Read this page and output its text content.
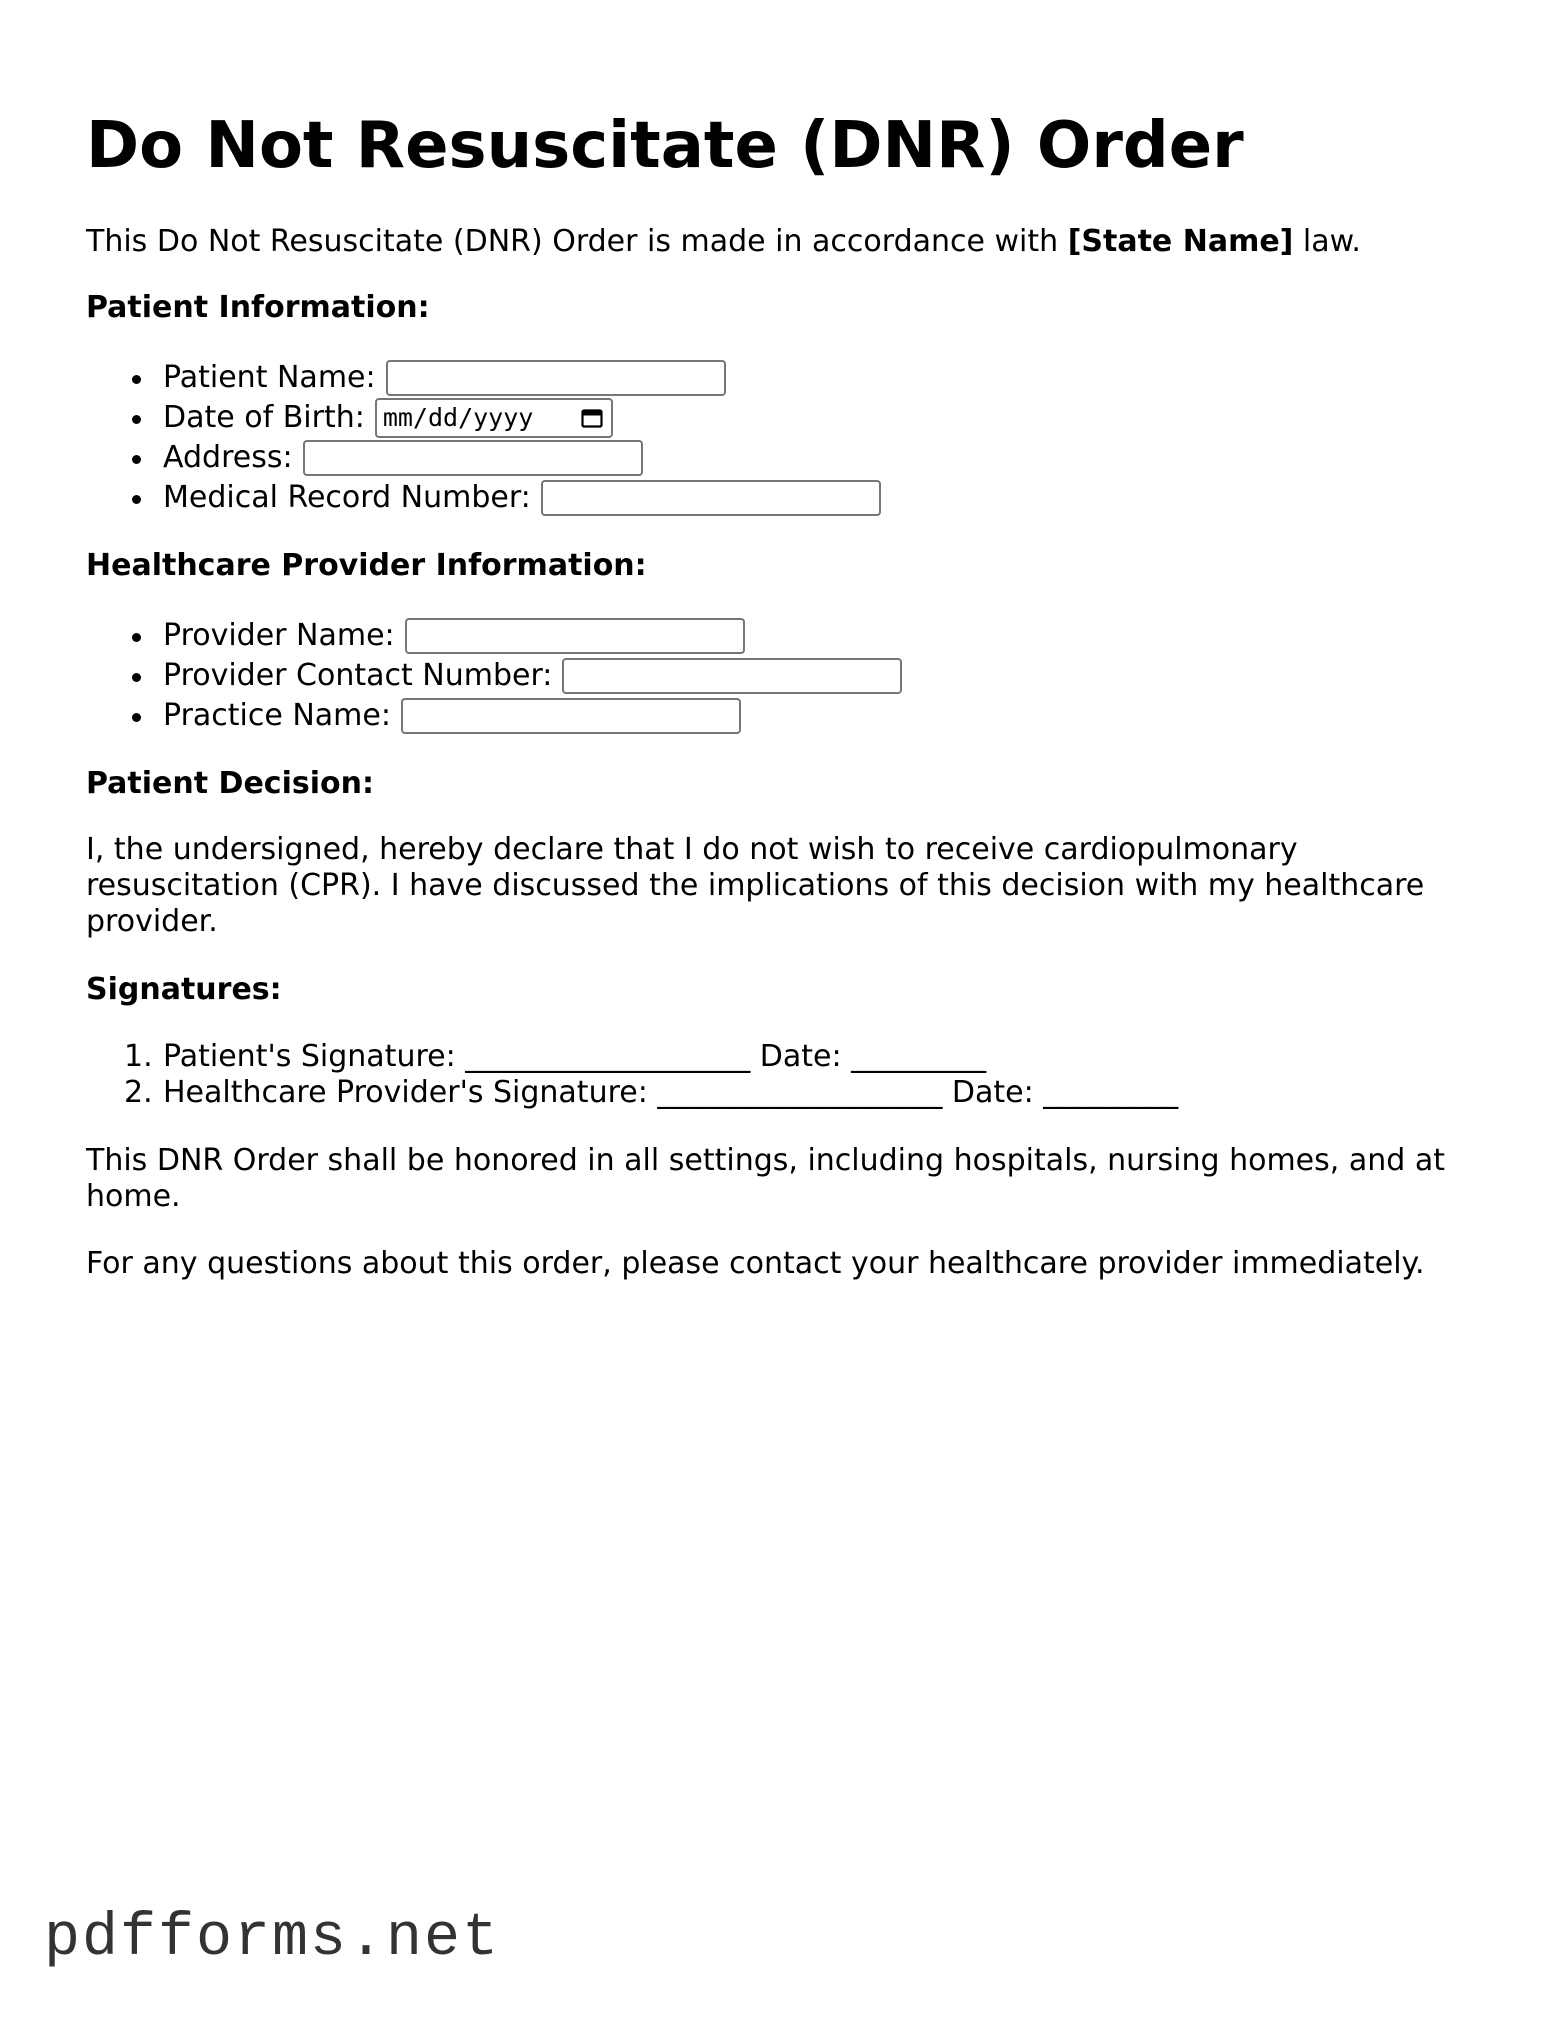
Do Not Resuscitate (DNR) Order

This Do Not Resuscitate (DNR) Order is made in accordance with [State Name] law.

Patient Information:

Patient Name:
Date of Birth: mm/dd/yyyy
Address:
Medical Record Number:

Healthcare Provider Information:

Provider Name:
Provider Contact Number:
Practice Name:

Patient Decision:

I, the undersigned, hereby declare that I do not wish to receive cardiopulmonary resuscitation (CPR). I have discussed the implications of this decision with my healthcare provider.

Signatures:

1. Patient's Signature: ___________________ Date: _________
2. Healthcare Provider's Signature: ___________________ Date: _________

This DNR Order shall be honored in all settings, including hospitals, nursing homes, and at home.

For any questions about this order, please contact your healthcare provider immediately.

pdfforms.net
